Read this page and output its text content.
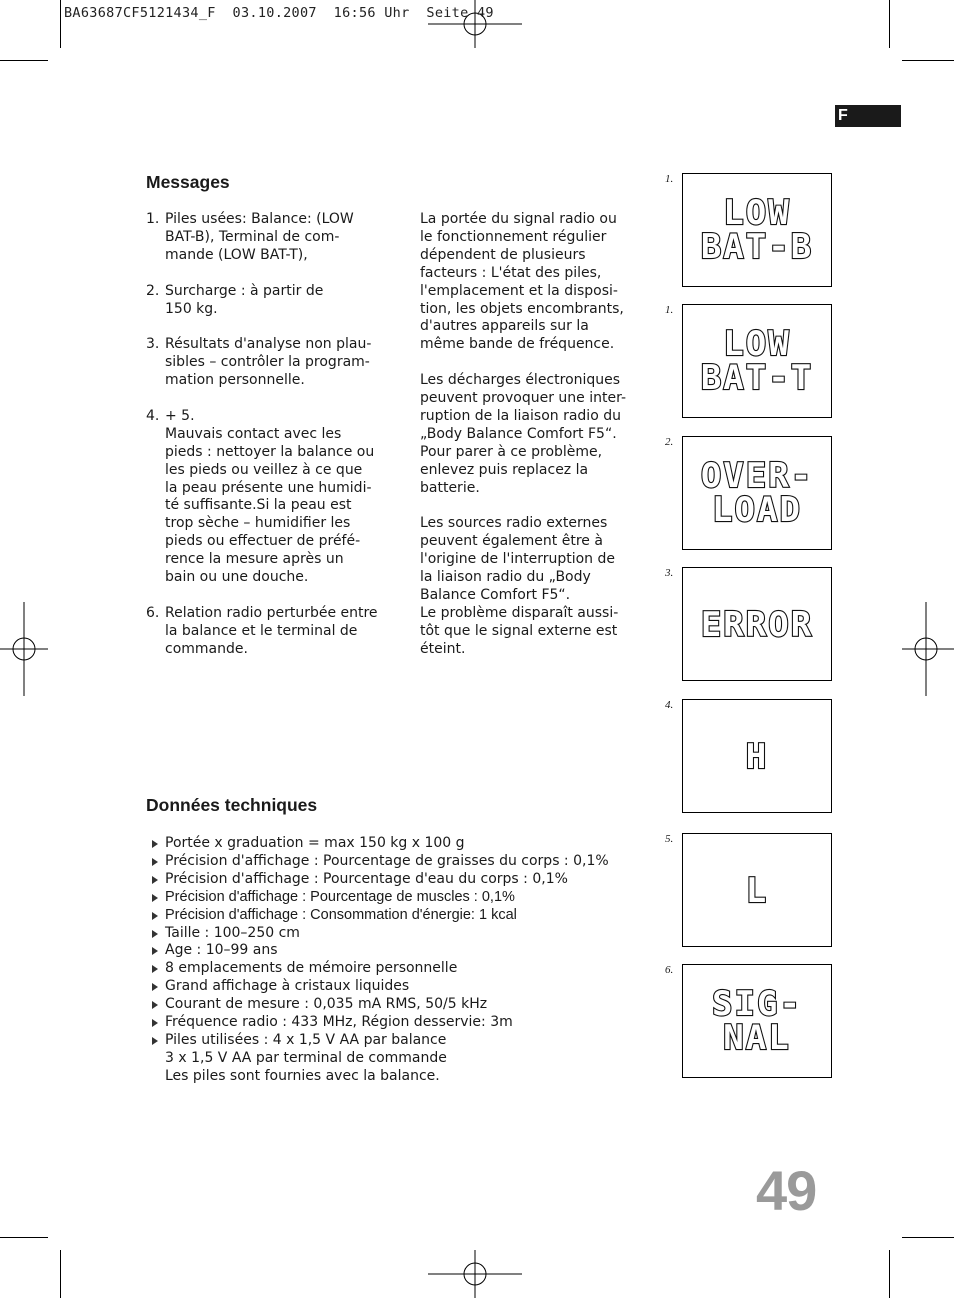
BA63687CF5121434_F  03.10.2007  16:56 Uhr  Seite 49
F
Messages
1. Piles usées: Balance: (LOW
BAT-B), Terminal de com-
mande (LOW BAT-T),
2. Surcharge : à partir de
150 kg.
3. Résultats d'analyse non plau-
sibles – contrôler la program-
mation personnelle.
4. + 5.
Mauvais contact avec les
pieds : nettoyer la balance ou
les pieds ou veillez à ce que
la peau présente une humidi-
té suffisante.Si la peau est
trop sèche – humidifier les
pieds ou effectuer de préfé-
rence la mesure après un
bain ou une douche.
6. Relation radio perturbée entre
la balance et le terminal de
commande.
La portée du signal radio ou
le fonctionnement régulier
dépendent de plusieurs
facteurs : L'état des piles,
l'emplacement et la disposi-
tion, les objets encombrants,
d'autres appareils sur la
même bande de fréquence.
Les décharges électroniques
peuvent provoquer une inter-
ruption de la liaison radio du
„Body Balance Comfort F5“.
Pour parer à ce problème,
enlevez puis replacez la
batterie.
Les sources radio externes
peuvent également être à
l'origine de l'interruption de
la liaison radio du „Body
Balance Comfort F5“.
Le problème disparaît aussi-
tôt que le signal externe est
éteint.
Données techniques
Portée x graduation = max 150 kg x 100 g
Précision d'affichage : Pourcentage de graisses du corps : 0,1%
Précision d'affichage : Pourcentage d'eau du corps : 0,1%
Précision d'affichage : Pourcentage de muscles : 0,1%
Précision d'affichage : Consommation d'énergie: 1 kcal
Taille : 100–250 cm
Age : 10–99 ans
8 emplacements de mémoire personnelle
Grand affichage à cristaux liquides
Courant de mesure : 0,035 mA RMS, 50/5 kHz
Fréquence radio : 433 MHz, Région desservie: 3m
Piles utilisées : 4 x 1,5 V AA par balance
3 x 1,5 V AA par terminal de commande
Les piles sont fournies avec la balance.
1.
LOW
BAT-B
1.
LOW
BAT-T
2.
OVER-
LOAD
3.
ERROR
4.
H
5.
L
6.
SIG-
NAL
49
